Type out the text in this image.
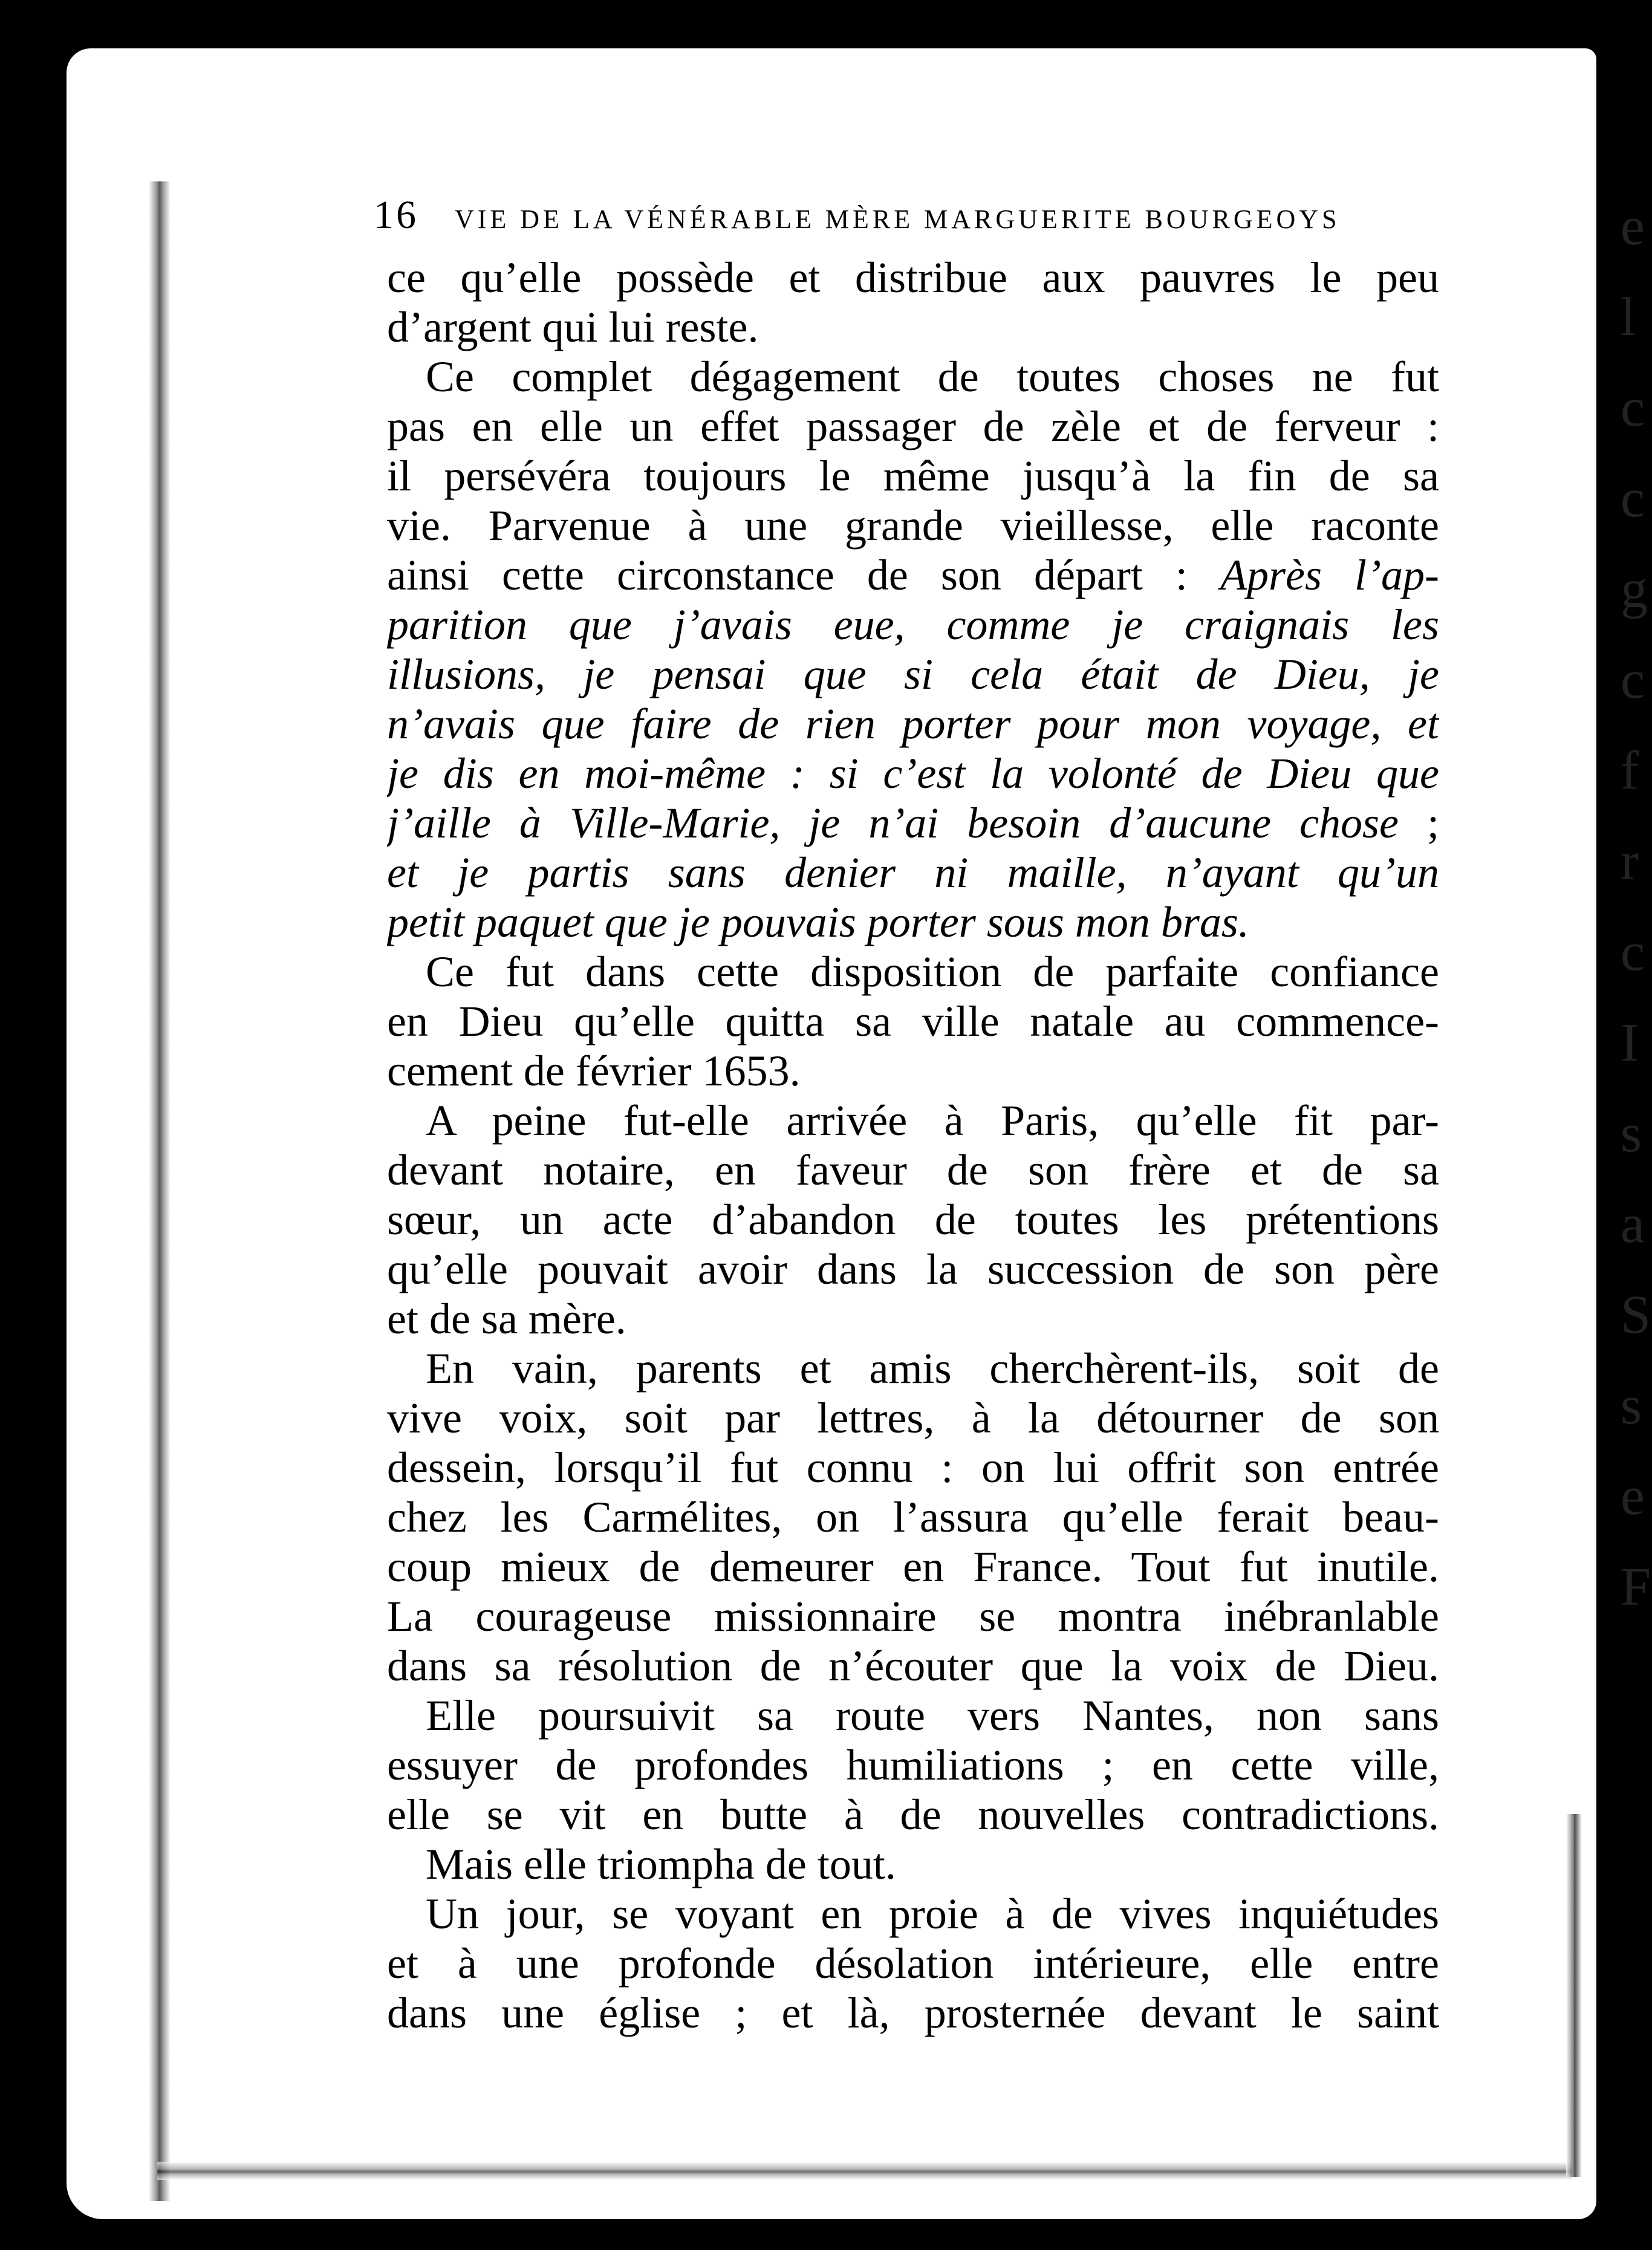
e
l
c
c
g
c
f
r
c
I
s
a
S
s
e
F
16 VIE DE LA VÉNÉRABLE MÈRE MARGUERITE BOURGEOYS
ce qu’elle possède et distribue aux pauvres le peu
d’argent qui lui reste.
Ce complet dégagement de toutes choses ne fut
pas en elle un effet passager de zèle et de ferveur :
il persévéra toujours le même jusqu’à la fin de sa
vie. Parvenue à une grande vieillesse, elle raconte
ainsi cette circonstance de son départ : Après l’ap-
parition que j’avais eue, comme je craignais les
illusions, je pensai que si cela était de Dieu, je
n’avais que faire de rien porter pour mon voyage, et
je dis en moi-même : si c’est la volonté de Dieu que
j’aille à Ville-Marie, je n’ai besoin d’aucune chose ;
et je partis sans denier ni maille, n’ayant qu’un
petit paquet que je pouvais porter sous mon bras.
Ce fut dans cette disposition de parfaite confiance
en Dieu qu’elle quitta sa ville natale au commence-
cement de février 1653.
A peine fut-elle arrivée à Paris, qu’elle fit par-
devant notaire, en faveur de son frère et de sa
sœur, un acte d’abandon de toutes les prétentions
qu’elle pouvait avoir dans la succession de son père
et de sa mère.
En vain, parents et amis cherchèrent-ils, soit de
vive voix, soit par lettres, à la détourner de son
dessein, lorsqu’il fut connu : on lui offrit son entrée
chez les Carmélites, on l’assura qu’elle ferait beau-
coup mieux de demeurer en France. Tout fut inutile.
La courageuse missionnaire se montra inébranlable
dans sa résolution de n’écouter que la voix de Dieu.
Elle poursuivit sa route vers Nantes, non sans
essuyer de profondes humiliations ; en cette ville,
elle se vit en butte à de nouvelles contradictions.
Mais elle triompha de tout.
Un jour, se voyant en proie à de vives inquiétudes
et à une profonde désolation intérieure, elle entre
dans une église ; et là, prosternée devant le saint
